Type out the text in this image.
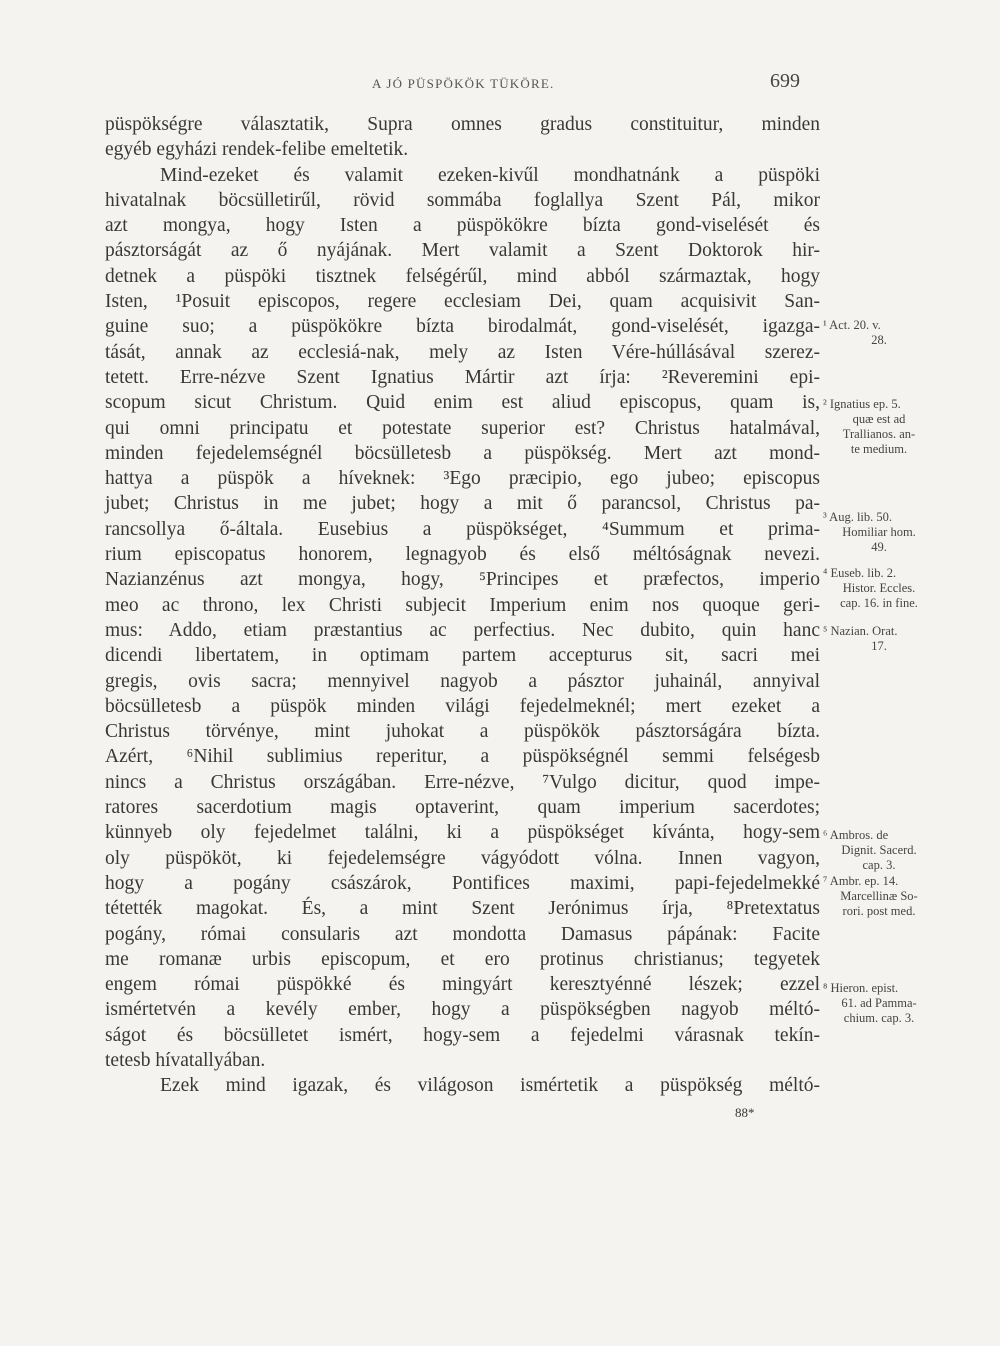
A JÓ PÜSPÖKÖK TÜKÖRE.	699
püspökségre választatik, Supra omnes gradus constituitur, minden
egyéb egyházi rendek-felibe emeltetik.
Mind-ezeket és valamit ezeken-kivűl mondhatnánk a püspöki
hivatalnak böcsülletirűl, rövid sommába foglallya Szent Pál, mikor
azt mongya, hogy Isten a püspökökre bízta gond-viselését és
pásztorságát az ő nyájának. Mert valamit a Szent Doktorok hir-
detnek a püspöki tisztnek felségérűl, mind abból származtak, hogy
Isten, ¹Posuit episcopos, regere ecclesiam Dei, quam acquisivit San-
guine suo; a püspökökre bízta birodalmát, gond-viselését, igazga-
tását, annak az ecclesiá-nak, mely az Isten Vére-húllásával szerez-
tetett. Erre-nézve Szent Ignatius Mártir azt írja: ²Reveremini epi-
scopum sicut Christum. Quid enim est aliud episcopus, quam is,
qui omni principatu et potestate superior est? Christus hatalmával,
minden fejedelemségnél böcsülletesb a püspökség. Mert azt mond-
hattya a püspök a híveknek: ³Ego præcipio, ego jubeo; episcopus
jubet; Christus in me jubet; hogy a mit ő parancsol, Christus pa-
rancsollya ő-általa. Eusebius a püspökséget, ⁴Summum et prima-
rium episcopatus honorem, legnagyob és első méltóságnak nevezi.
Nazianzénus azt mongya, hogy, ⁵Principes et præfectos, imperio
meo ac throno, lex Christi subjecit Imperium enim nos quoque geri-
mus: Addo, etiam præstantius ac perfectius. Nec dubito, quin hanc
dicendi libertatem, in optimam partem accepturus sit, sacri mei
gregis, ovis sacra; mennyivel nagyob a pásztor juhainál, annyival
böcsülletesb a püspök minden világi fejedelmeknél; mert ezeket a
Christus törvénye, mint juhokat a püspökök pásztorságára bízta.
Azért, ⁶Nihil sublimius reperitur, a püspökségnél semmi felségesb
nincs a Christus országában. Erre-nézve, ⁷Vulgo dicitur, quod impe-
ratores sacerdotium magis optaverint, quam imperium sacerdotes;
künnyeb oly fejedelmet találni, ki a püspökséget kívánta, hogy-sem
oly püspököt, ki fejedelemségre vágyódott vólna. Innen vagyon,
hogy a pogány császárok, Pontifices maximi, papi-fejedelmekké
tétették magokat. És, a mint Szent Jerónimus írja, ⁸Pretextatus
pogány, római consularis azt mondotta Damasus pápának: Facite
me romanæ urbis episcopum, et ero protinus christianus; tegyetek
engem római püspökké és mingyárt keresztyénné lészek; ezzel
ismértetvén a kevély ember, hogy a püspökségben nagyob méltó-
ságot és böcsülletet ismért, hogy-sem a fejedelmi várasnak tekín-
tetesb hívatallyában.
Ezek mind igazak, és világoson ismértetik a püspökség méltó-
88*
¹ Act. 20. v.
28.
² Ignatius ep. 5.
quæ est ad
Trallianos. an-
te medium.
³ Aug. lib. 50.
Homiliar hom.
49.
⁴ Euseb. lib. 2.
Histor. Eccles.
cap. 16. in fine.
⁵ Nazian. Orat.
17.
⁶ Ambros. de
Dignit. Sacerd.
cap. 3.
⁷ Ambr. ep. 14.
Marcellinæ So-
rori. post med.
⁸ Hieron. epist.
61. ad Pamma-
chium. cap. 3.
